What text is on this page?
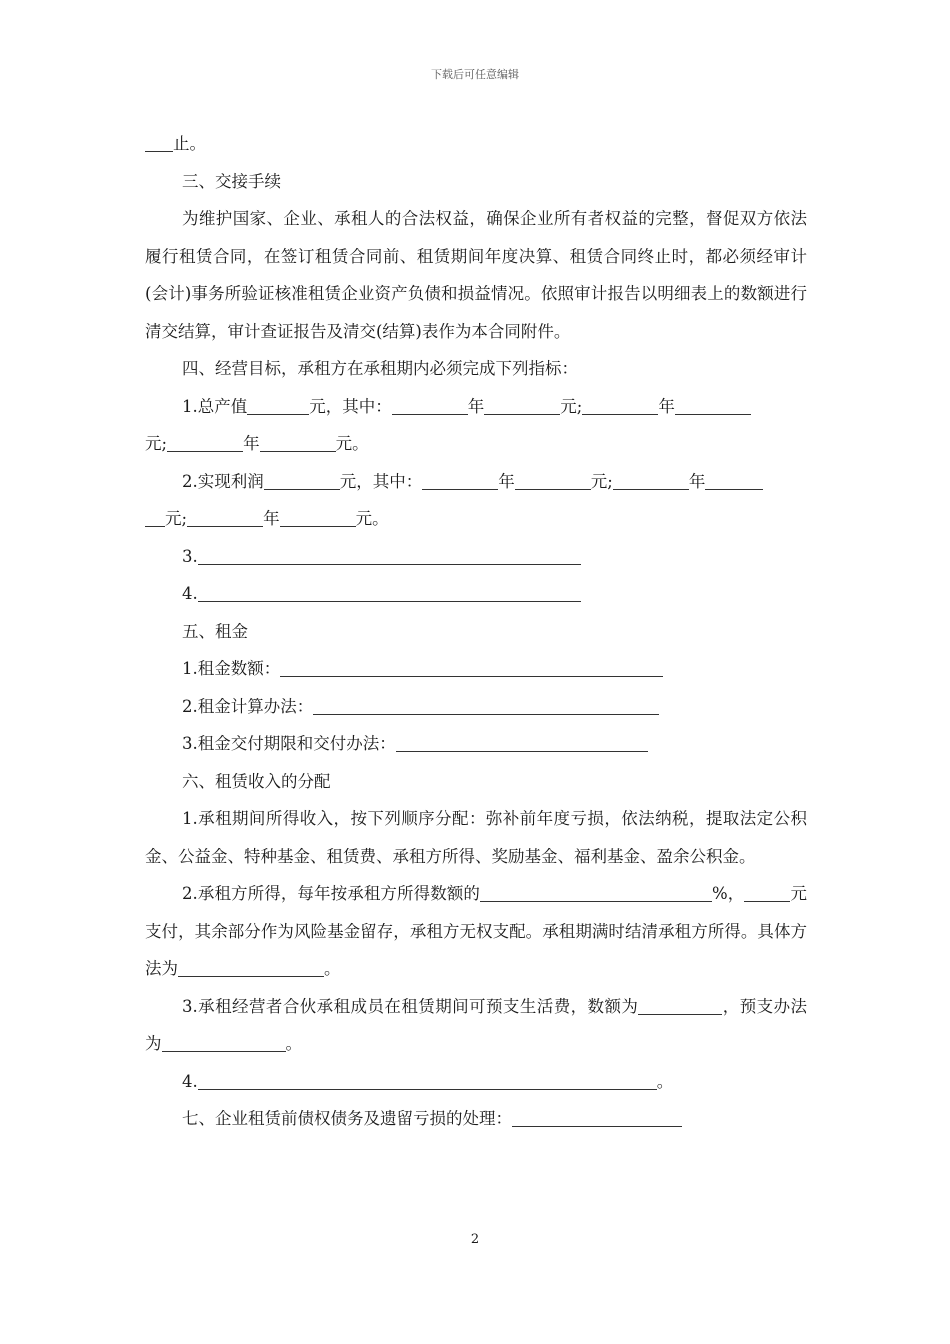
下载后可任意编辑

止。

三、交接手续

为维护国家、企业、承租人的合法权益，确保企业所有者权益的完整，督促双方依法履行租赁合同，在签订租赁合同前、租赁期间年度决算、租赁合同终止时，都必须经审计(会计)事务所验证核准租赁企业资产负债和损益情况。依照审计报告以明细表上的数额进行清交结算，审计查证报告及清交(结算)表作为本合同附件。

四、经营目标，承租方在承租期内必须完成下列指标：

1.总产值	元，其中：	年	元;	年
元;	年	元。

2.实现利润	元，其中：	年	元;	年
元;	年	元。

3.

4.

五、租金

1.租金数额：

2.租金计算办法：

3.租金交付期限和交付办法：

六、租赁收入的分配

1.承租期间所得收入，按下列顺序分配：弥补前年度亏损，依法纳税，提取法定公积金、公益金、特种基金、租赁费、承租方所得、奖励基金、福利基金、盈余公积金。

2.承租方所得，每年按承租方所得数额的	%，	元支付，其余部分作为风险基金留存，承租方无权支配。承租期满时结清承租方所得。具体方法为	。

3.承租经营者合伙承租成员在租赁期间可预支生活费，数额为	，预支办法为	。

4.	。

七、企业租赁前债权债务及遗留亏损的处理：

2
